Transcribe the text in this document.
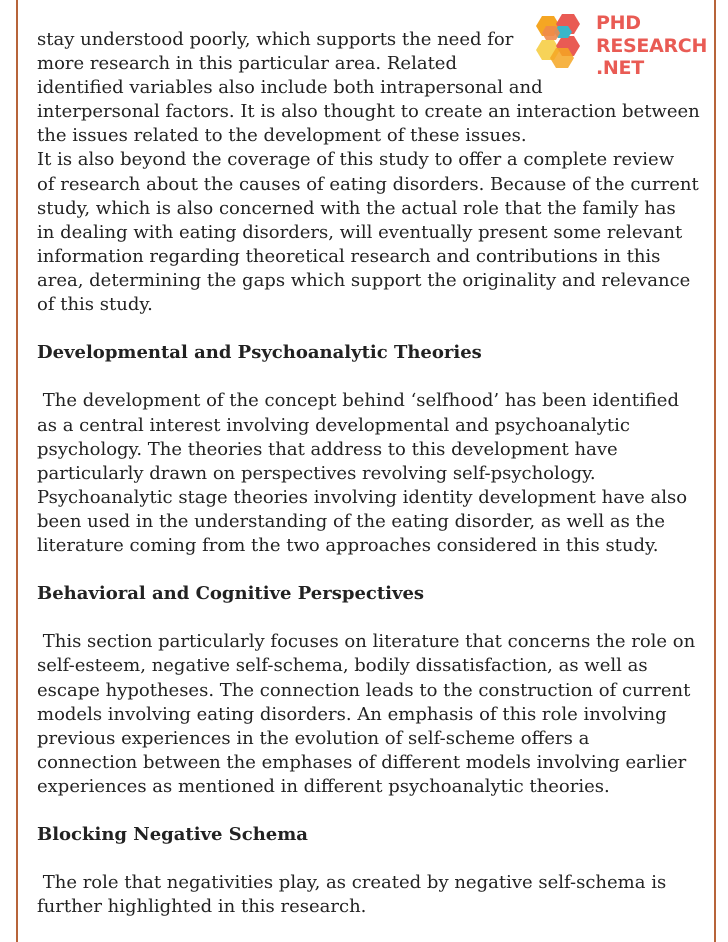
PHD
RESEARCH
.NET
stay understood poorly, which supports the need for
more research in this particular area. Related
identified variables also include both intrapersonal and
interpersonal factors. It is also thought to create an interaction between
the issues related to the development of these issues.
It is also beyond the coverage of this study to offer a complete review
of research about the causes of eating disorders. Because of the current
study, which is also concerned with the actual role that the family has
in dealing with eating disorders, will eventually present some relevant
information regarding theoretical research and contributions in this
area, determining the gaps which support the originality and relevance
of this study.
Developmental and Psychoanalytic Theories
The development of the concept behind ‘selfhood’ has been identified
as a central interest involving developmental and psychoanalytic
psychology. The theories that address to this development have
particularly drawn on perspectives revolving self-psychology.
Psychoanalytic stage theories involving identity development have also
been used in the understanding of the eating disorder, as well as the
literature coming from the two approaches considered in this study.
Behavioral and Cognitive Perspectives
This section particularly focuses on literature that concerns the role on
self-esteem, negative self-schema, bodily dissatisfaction, as well as
escape hypotheses. The connection leads to the construction of current
models involving eating disorders. An emphasis of this role involving
previous experiences in the evolution of self-scheme offers a
connection between the emphases of different models involving earlier
experiences as mentioned in different psychoanalytic theories.
Blocking Negative Schema
The role that negativities play, as created by negative self-schema is
further highlighted in this research.
